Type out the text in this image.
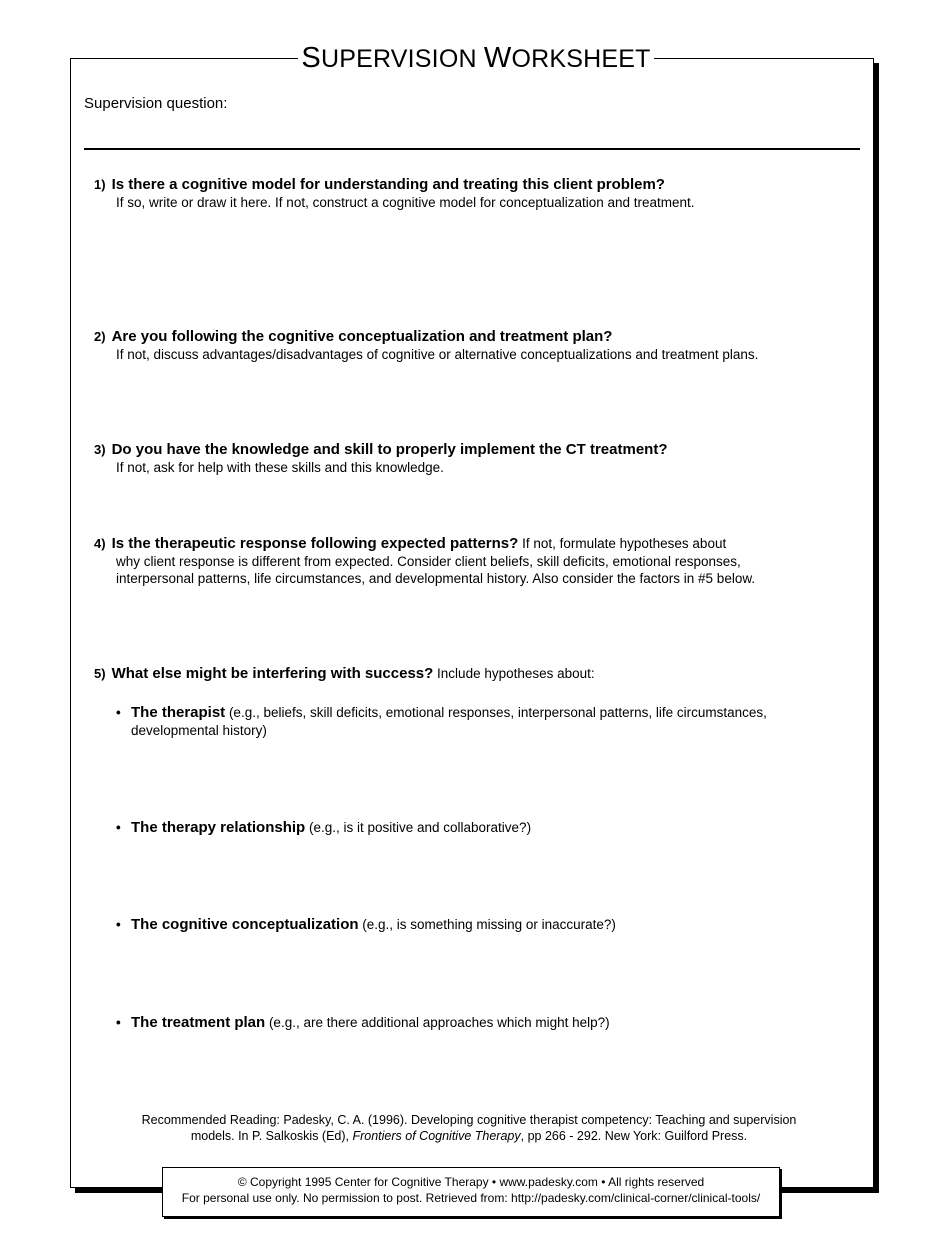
SUPERVISION WORKSHEET
Supervision question:
1) Is there a cognitive model for understanding and treating this client problem?
If so, write or draw it here. If not, construct a cognitive model for conceptualization and treatment.
2) Are you following the cognitive conceptualization and treatment plan?
If not, discuss advantages/disadvantages of cognitive or alternative conceptualizations and treatment plans.
3) Do you have the knowledge and skill to properly implement the CT treatment?
If not, ask for help with these skills and this knowledge.
4) Is the therapeutic response following expected patterns? If not, formulate hypotheses about
why client response is different from expected. Consider client beliefs, skill deficits, emotional responses,
interpersonal patterns, life circumstances, and developmental history. Also consider the factors in #5 below.
5) What else might be interfering with success? Include hypotheses about:
• The therapist (e.g., beliefs, skill deficits, emotional responses, interpersonal patterns, life circumstances,
developmental history)
• The therapy relationship (e.g., is it positive and collaborative?)
• The cognitive conceptualization (e.g., is something missing or inaccurate?)
• The treatment plan (e.g., are there additional approaches which might help?)
Recommended Reading: Padesky, C. A. (1996). Developing cognitive therapist competency: Teaching and supervision
models. In P. Salkoskis (Ed), Frontiers of Cognitive Therapy, pp 266 - 292. New York: Guilford Press.
© Copyright 1995 Center for Cognitive Therapy • www.padesky.com • All rights reserved
For personal use only. No permission to post. Retrieved from: http://padesky.com/clinical-corner/clinical-tools/
